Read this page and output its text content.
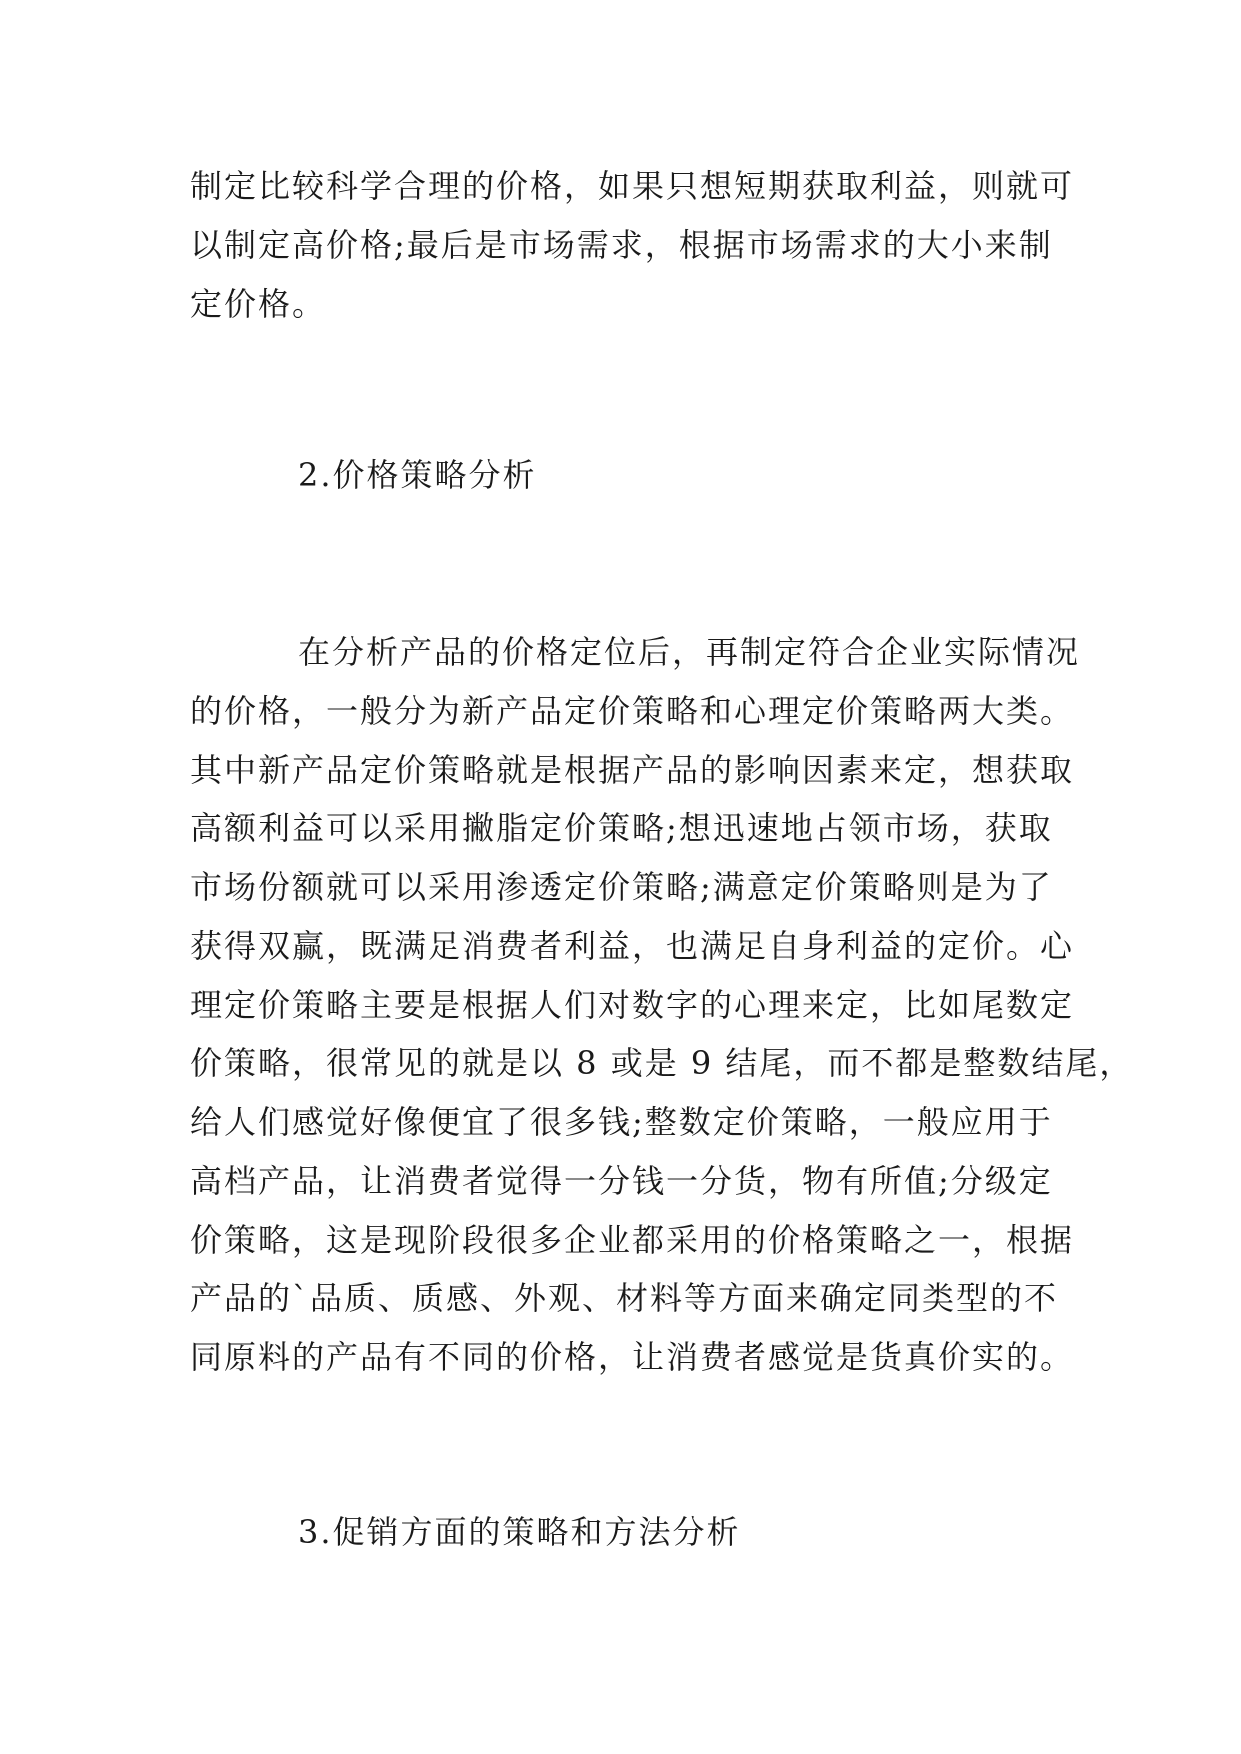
制定比较科学合理的价格，如果只想短期获取利益，则就可
以制定高价格;最后是市场需求，根据市场需求的大小来制
定价格。
2.价格策略分析
在分析产品的价格定位后，再制定符合企业实际情况
的价格，一般分为新产品定价策略和心理定价策略两大类。
其中新产品定价策略就是根据产品的影响因素来定，想获取
高额利益可以采用撇脂定价策略;想迅速地占领市场，获取
市场份额就可以采用渗透定价策略;满意定价策略则是为了
获得双赢，既满足消费者利益，也满足自身利益的定价。心
理定价策略主要是根据人们对数字的心理来定，比如尾数定
价策略，很常见的就是以 8 或是 9 结尾，而不都是整数结尾，
给人们感觉好像便宜了很多钱;整数定价策略，一般应用于
高档产品，让消费者觉得一分钱一分货，物有所值;分级定
价策略，这是现阶段很多企业都采用的价格策略之一，根据
产品的`品质、质感、外观、材料等方面来确定同类型的不
同原料的产品有不同的价格，让消费者感觉是货真价实的。
3.促销方面的策略和方法分析
